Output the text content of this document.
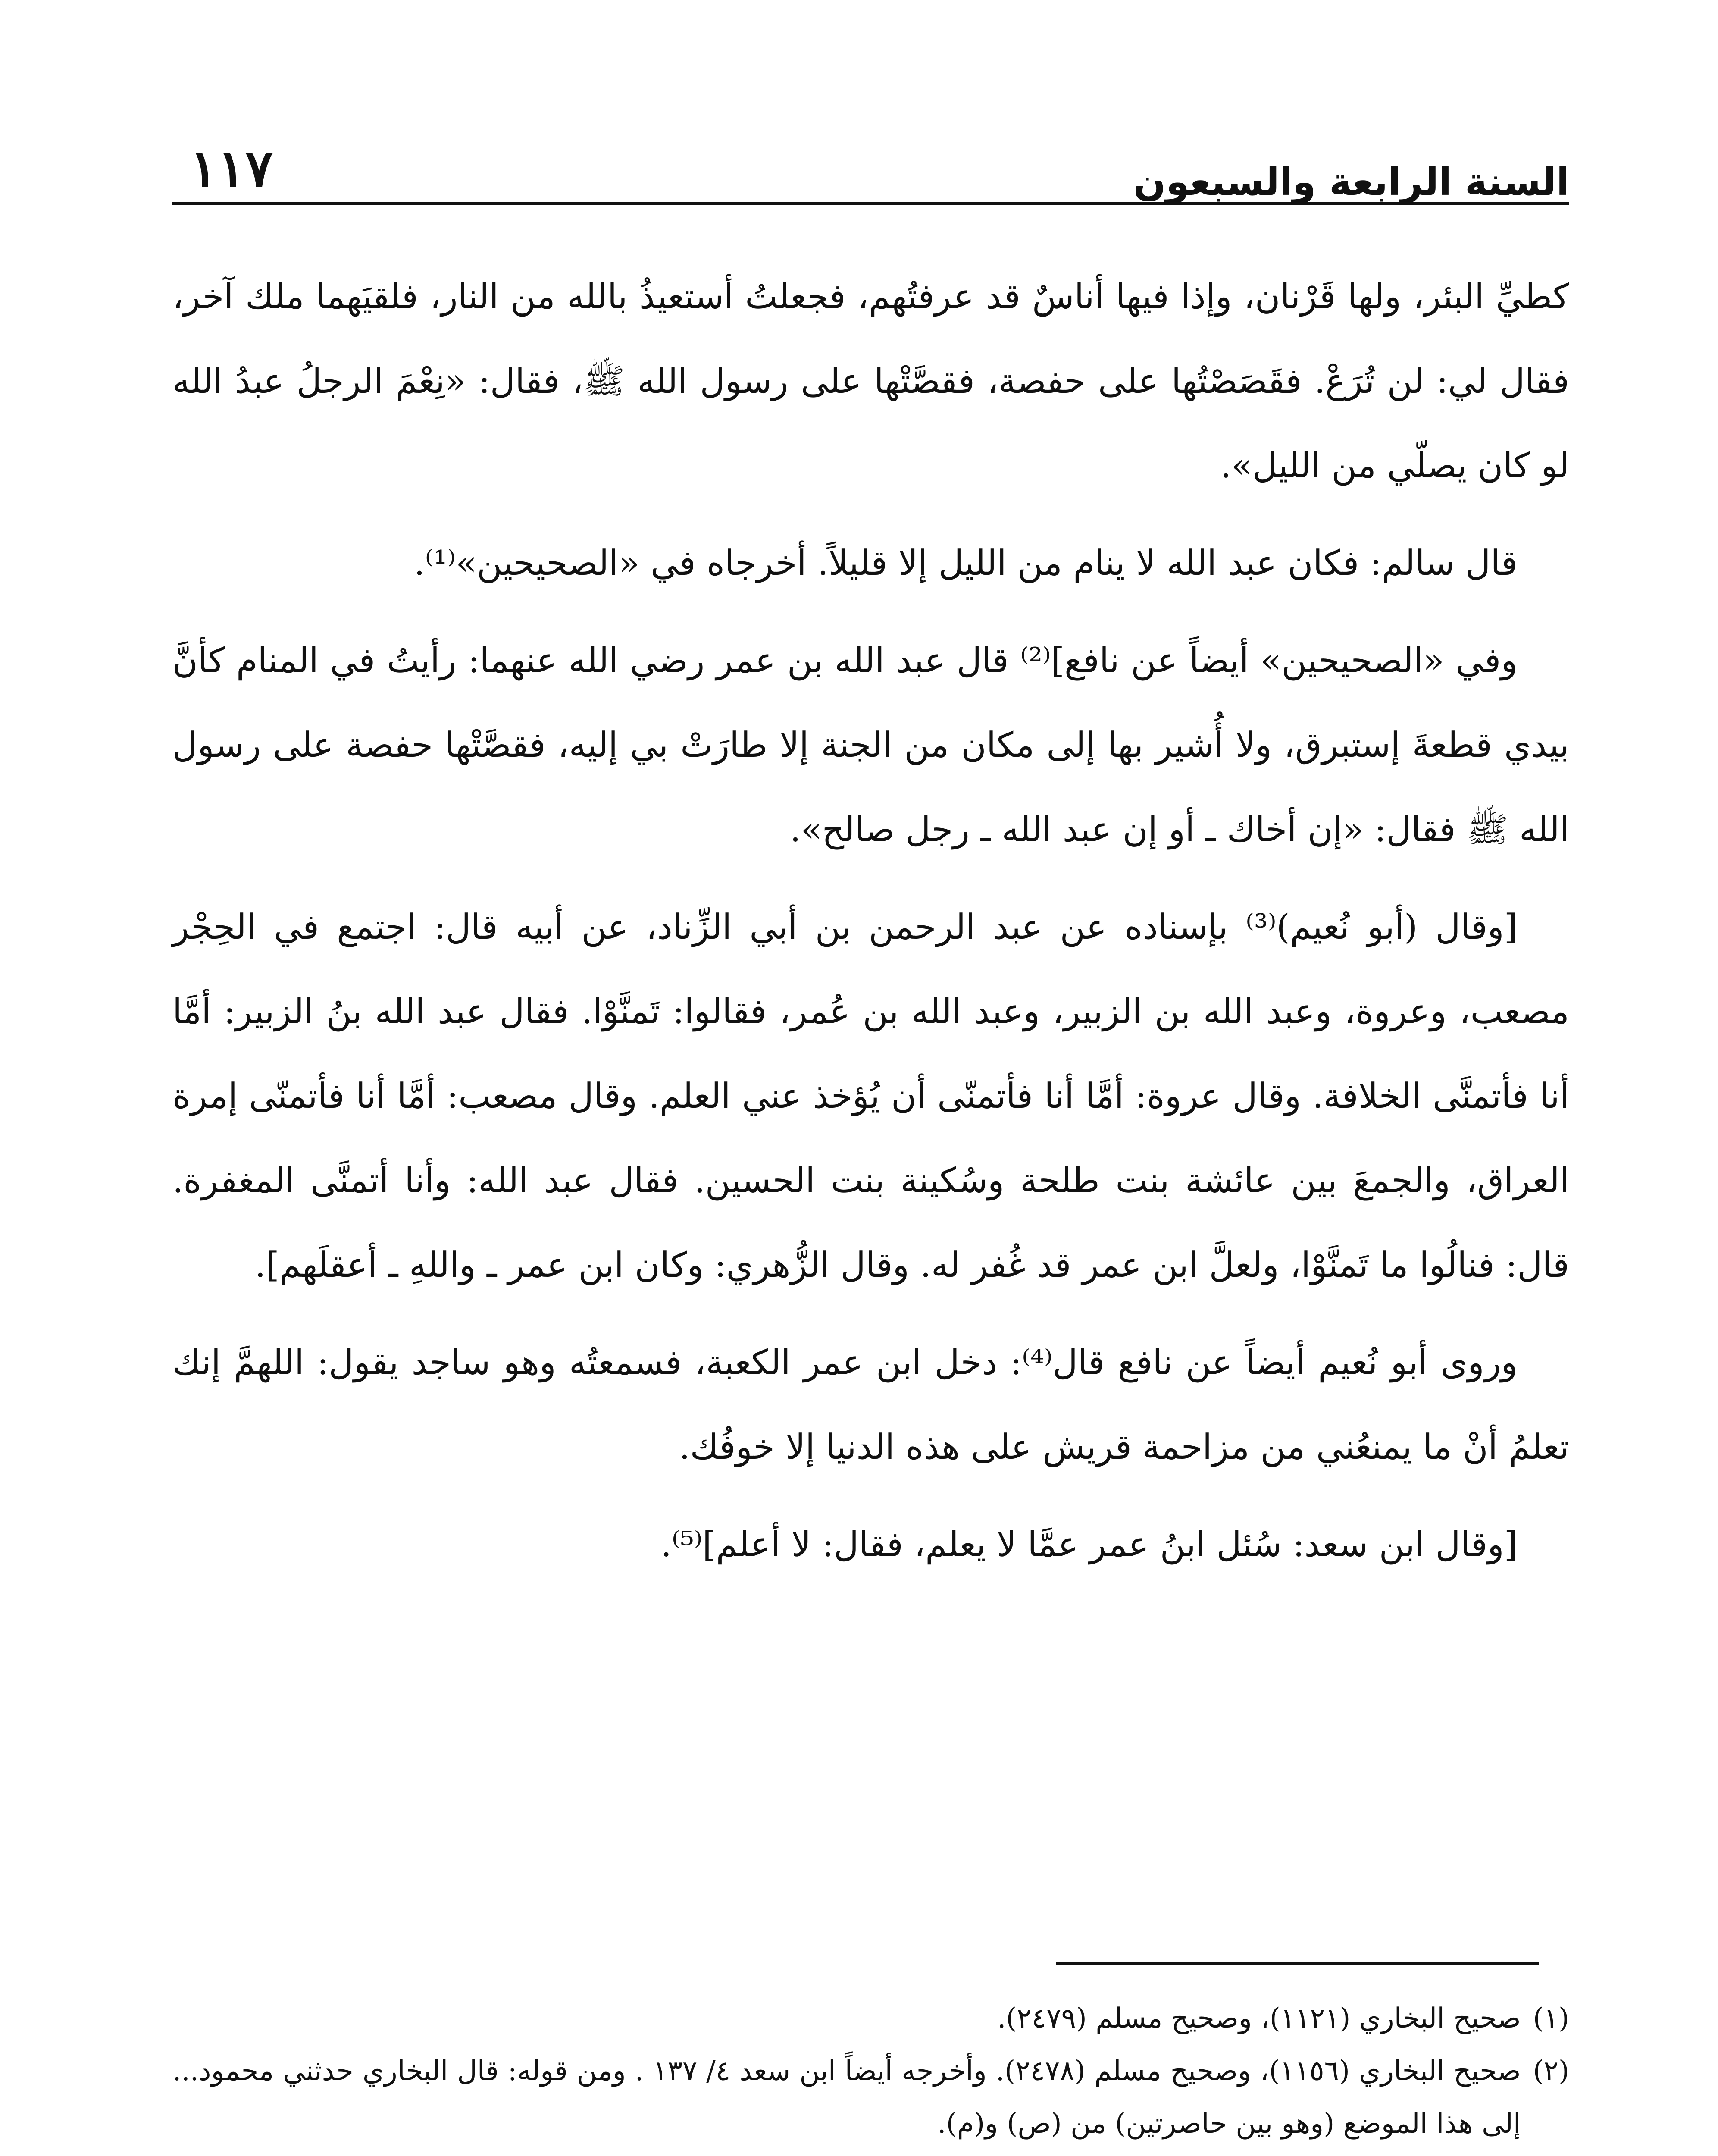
السنة الرابعة والسبعون
١١٧

كطيِّ البئر، ولها قَرْنان، وإذا فيها أناسٌ قد عرفتُهم، فجعلتُ أستعيذُ بالله من النار، فلقيَهما ملك آخر، فقال لي: لن تُرَعْ. فقَصَصْتُها على حفصة، فقصَّتْها على رسول الله ﷺ، فقال: «نِعْمَ الرجلُ عبدُ الله لو كان يصلّي من الليل».

قال سالم: فكان عبد الله لا ينام من الليل إلا قليلاً. أخرجاه في «الصحيحين»⁽¹⁾.

وفي «الصحيحين» أيضاً عن نافع]⁽²⁾ قال عبد الله بن عمر رضي الله عنهما: رأيتُ في المنام كأنَّ بيدي قطعةَ إستبرق، ولا أُشير بها إلى مكان من الجنة إلا طارَتْ بي إليه، فقصَّتْها حفصة على رسول الله ﷺ فقال: «إن أخاك ـ أو إن عبد الله ـ رجل صالح».

[وقال (أبو نُعيم)⁽³⁾ بإسناده عن عبد الرحمن بن أبي الزِّناد، عن أبيه قال: اجتمع في الحِجْر مصعب، وعروة، وعبد الله بن الزبير، وعبد الله بن عُمر، فقالوا: تَمنَّوْا. فقال عبد الله بنُ الزبير: أمَّا أنا فأتمنَّى الخلافة. وقال عروة: أمَّا أنا فأتمنّى أن يُؤخذ عني العلم. وقال مصعب: أمَّا أنا فأتمنّى إمرة العراق، والجمعَ بين عائشة بنت طلحة وسُكينة بنت الحسين. فقال عبد الله: وأنا أتمنَّى المغفرة. قال: فنالُوا ما تَمنَّوْا، ولعلَّ ابن عمر قد غُفر له. وقال الزُّهري: وكان ابن عمر ـ واللهِ ـ أعقلَهم].

وروى أبو نُعيم أيضاً عن نافع قال⁽⁴⁾: دخل ابن عمر الكعبة، فسمعتُه وهو ساجد يقول: اللهمَّ إنك تعلمُ أنْ ما يمنعُني من مزاحمة قريش على هذه الدنيا إلا خوفُك.

[وقال ابن سعد: سُئل ابنُ عمر عمَّا لا يعلم، فقال: لا أعلم]⁽⁵⁾.

(١)
صحيح البخاري (١١٢١)، وصحيح مسلم (٢٤٧٩).
(٢)
صحيح البخاري (١١٥٦)، وصحيح مسلم (٢٤٧٨). وأخرجه أيضاً ابن سعد ٤/ ١٣٧ . ومن قوله: قال البخاري حدثني محمود... إلى هذا الموضع (وهو بين حاصرتين) من (ص) و(م).
